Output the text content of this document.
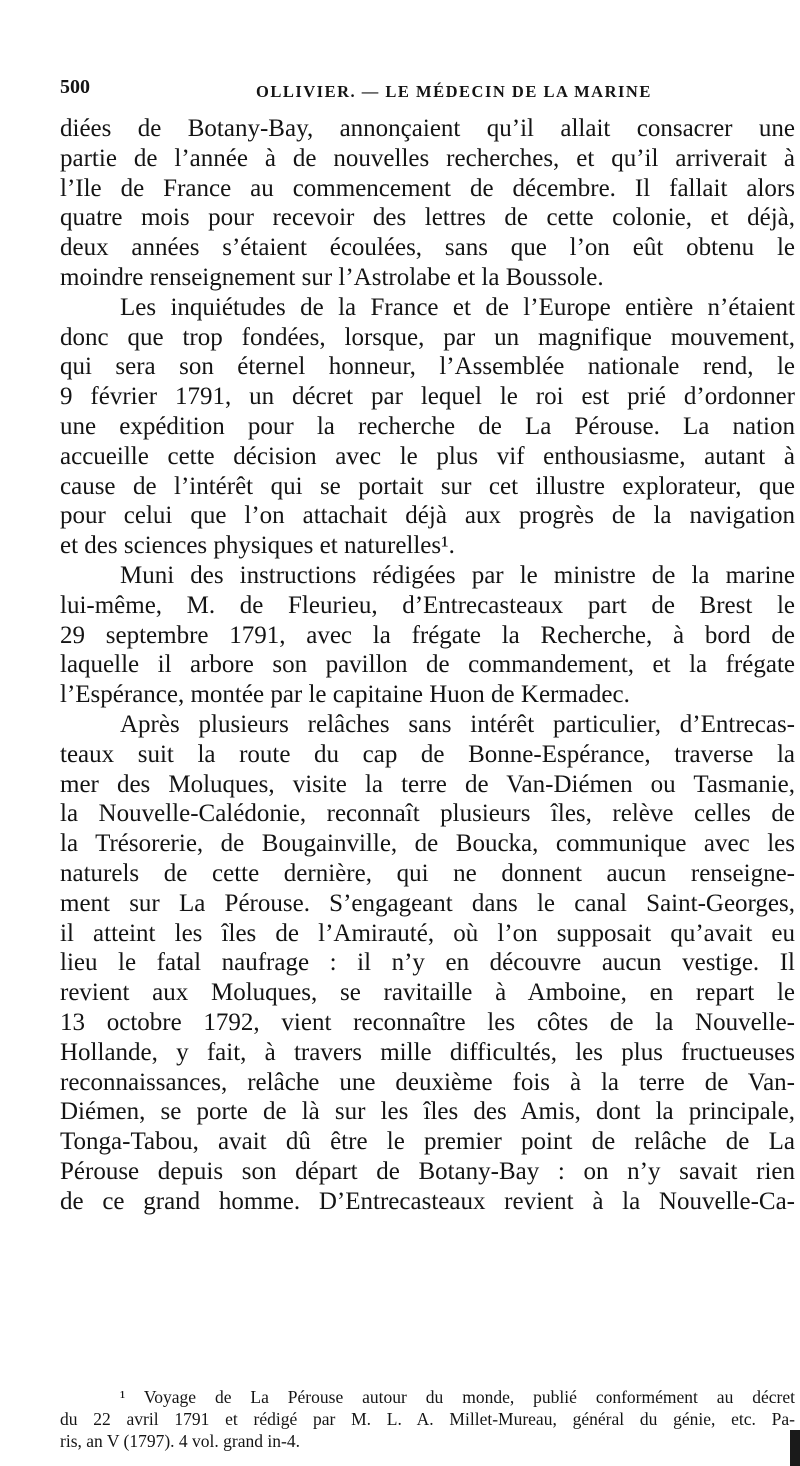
500	OLLIVIER. — LE MÉDECIN DE LA MARINE
diées de Botany-Bay, annonçaient qu’il allait consacrer une
partie de l’année à de nouvelles recherches, et qu’il arriverait à
l’Ile de France au commencement de décembre. Il fallait alors
quatre mois pour recevoir des lettres de cette colonie, et déjà,
deux années s’étaient écoulées, sans que l’on eût obtenu le
moindre renseignement sur l’Astrolabe et la Boussole.
Les inquiétudes de la France et de l’Europe entière n’étaient
donc que trop fondées, lorsque, par un magnifique mouvement,
qui sera son éternel honneur, l’Assemblée nationale rend, le
9 février 1791, un décret par lequel le roi est prié d’ordonner
une expédition pour la recherche de La Pérouse. La nation
accueille cette décision avec le plus vif enthousiasme, autant à
cause de l’intérêt qui se portait sur cet illustre explorateur, que
pour celui que l’on attachait déjà aux progrès de la navigation
et des sciences physiques et naturelles¹.
Muni des instructions rédigées par le ministre de la marine
lui-même, M. de Fleurieu, d’Entrecasteaux part de Brest le
29 septembre 1791, avec la frégate la Recherche, à bord de
laquelle il arbore son pavillon de commandement, et la frégate
l’Espérance, montée par le capitaine Huon de Kermadec.
Après plusieurs relâches sans intérêt particulier, d’Entrecas-
teaux suit la route du cap de Bonne-Espérance, traverse la
mer des Moluques, visite la terre de Van-Diémen ou Tasmanie,
la Nouvelle-Calédonie, reconnaît plusieurs îles, relève celles de
la Trésorerie, de Bougainville, de Boucka, communique avec les
naturels de cette dernière, qui ne donnent aucun renseigne-
ment sur La Pérouse. S’engageant dans le canal Saint-Georges,
il atteint les îles de l’Amirauté, où l’on supposait qu’avait eu
lieu le fatal naufrage : il n’y en découvre aucun vestige. Il
revient aux Moluques, se ravitaille à Amboine, en repart le
13 octobre 1792, vient reconnaître les côtes de la Nouvelle-
Hollande, y fait, à travers mille difficultés, les plus fructueuses
reconnaissances, relâche une deuxième fois à la terre de Van-
Diémen, se porte de là sur les îles des Amis, dont la principale,
Tonga-Tabou, avait dû être le premier point de relâche de La
Pérouse depuis son départ de Botany-Bay : on n’y savait rien
de ce grand homme. D’Entrecasteaux revient à la Nouvelle-Ca-
¹ Voyage de La Pérouse autour du monde, publié conformément au décret
du 22 avril 1791 et rédigé par M. L. A. Millet-Mureau, général du génie, etc. Pa-
ris, an V (1797). 4 vol. grand in-4.
